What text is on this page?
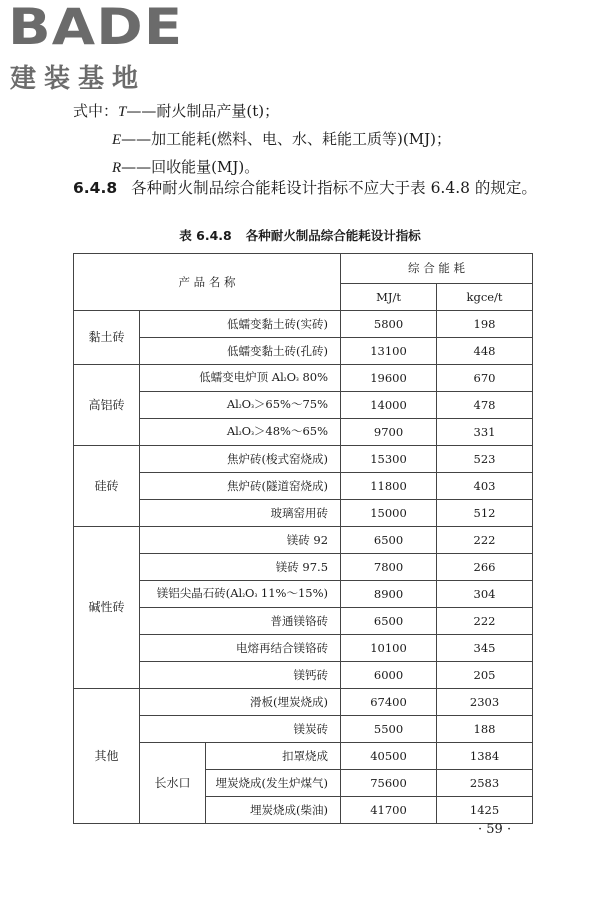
BADE
建装基地
式中：T——耐火制品产量(t)；
E——加工能耗(燃料、电、水、耗能工质等)(MJ)；
R——回收能量(MJ)。
6.4.8 各种耐火制品综合能耗设计指标不应大于表 6.4.8 的规定。
表 6.4.8 各种耐火制品综合能耗设计指标
产 品 名 称			综 合 能 耗	
			MJ/t	kgce/t
黏土砖	低蠕变黏土砖(实砖)		5800	198
	低蠕变黏土砖(孔砖)		13100	448
高铝砖	低蠕变电炉顶 Al₂O₃ 80%		19600	670
	Al₂O₃＞65%～75%		14000	478
	Al₂O₃＞48%～65%		9700	331
硅砖	焦炉砖(梭式窑烧成)		15300	523
	焦炉砖(隧道窑烧成)		11800	403
	玻璃窑用砖		15000	512
碱性砖	镁砖 92		6500	222
	镁砖 97.5		7800	266
	镁铝尖晶石砖(Al₂O₃ 11%～15%)		8900	304
	普通镁铬砖		6500	222
	电熔再结合镁铬砖		10100	345
	镁钙砖		6000	205
其他	滑板(埋炭烧成)		67400	2303
	镁炭砖		5500	188
	长水口	扣罩烧成	40500	1384
		埋炭烧成(发生炉煤气)	75600	2583
		埋炭烧成(柴油)	41700	1425
· 59 ·
